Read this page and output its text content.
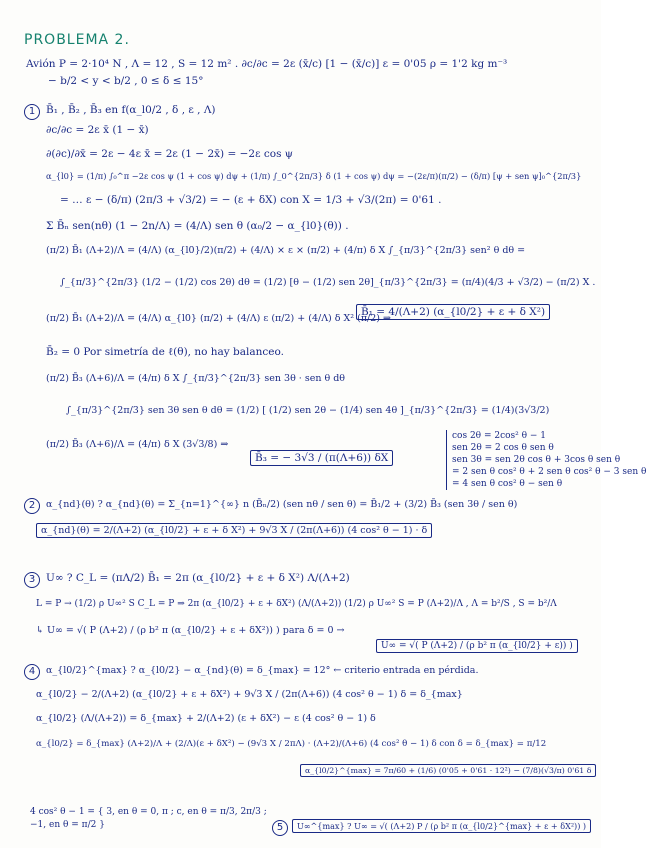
PROBLEMA 2.
Avión P = 2·10⁴ N , Λ = 12 , S = 12 m² . ∂c/∂c = 2ε (x̄/c) [1 − (x̄/c)] ε = 0'05 ρ = 1'2 kg m⁻³
− b/2 < y < b/2 , 0 ≤ δ ≤ 15°
1	B̄₁ , B̄₂ , B̄₃ en f(α_l0/2 , δ , ε , Λ)
∂c/∂c = 2ε x̄ (1 − x̄)
∂(∂c)/∂x̄ = 2ε − 4ε x̄ = 2ε (1 − 2x̄) = −2ε cos ψ
α_{l0} = (1/π) ∫₀^π −2ε cos ψ (1 + cos ψ) dψ + (1/π) ∫_0^{2π/3} δ (1 + cos ψ) dψ = −(2ε/π)(π/2) − (δ/π) [ψ + sen ψ]₀^{2π/3}
= … ε − (δ/π) (2π/3 + √3/2) = − (ε + δX) con X = 1/3 + √3/(2π) = 0'61 .
Σ B̄ₙ sen(nθ) (1 − 2n/Λ) = (4/Λ) sen θ (α₀/2 − α_{l0}(θ)) .
(π/2) B̄₁ (Λ+2)/Λ = (4/Λ) (α_{l0}/2)(π/2) + (4/Λ) × ε × (π/2) + (4/π) δ X ∫_{π/3}^{2π/3} sen² θ dθ =
∫_{π/3}^{2π/3} (1/2 − (1/2) cos 2θ) dθ = (1/2) [θ − (1/2) sen 2θ]_{π/3}^{2π/3} = (π/4)(4/3 + √3/2) − (π/2) X .
(π/2) B̄₁ (Λ+2)/Λ = (4/Λ) α_{l0} (π/2) + (4/Λ) ε (π/2) + (4/Λ) δ X² (π/2) ⇒
B̄₁ = 4/(Λ+2) (α_{l0/2} + ε + δ X²)
B̄₂ = 0 Por simetría de ℓ(θ), no hay balanceo.
(π/2) B̄₃ (Λ+6)/Λ = (4/π) δ X ∫_{π/3}^{2π/3} sen 3θ · sen θ dθ
∫_{π/3}^{2π/3} sen 3θ sen θ dθ = (1/2) [ (1/2) sen 2θ − (1/4) sen 4θ ]_{π/3}^{2π/3} = (1/4)(3√3/2)
(π/2) B̄₃ (Λ+6)/Λ = (4/π) δ X (3√3/8) ⇒
B̄₃ = − 3√3 / (π(Λ+6)) δX
cos 2θ = 2cos² θ − 1
sen 2θ = 2 cos θ sen θ
sen 3θ = sen 2θ cos θ + 3cos θ sen θ
= 2 sen θ cos² θ + 2 sen θ cos² θ − 3 sen θ
= 4 sen θ cos² θ − sen θ
2	α_{nd}(θ) ? α_{nd}(θ) = Σ_{n=1}^{∞} n (B̄ₙ/2) (sen nθ / sen θ) = B̄₁/2 + (3/2) B̄₃ (sen 3θ / sen θ)
α_{nd}(θ) = 2/(Λ+2) (α_{l0/2} + ε + δ X²) + 9√3 X / (2π(Λ+6)) (4 cos² θ − 1) · δ
3	U∞ ? C_L = (πΛ/2) B̄₁ = 2π (α_{l0/2} + ε + δ X²) Λ/(Λ+2)
L = P → (1/2) ρ U∞² S C_L = P ⇒ 2π (α_{l0/2} + ε + δX²) (Λ/(Λ+2)) (1/2) ρ U∞² S = P (Λ+2)/Λ , Λ = b²/S , S = b²/Λ
↳ U∞ = √( P (Λ+2) / (ρ b² π (α_{l0/2} + ε + δX²)) ) para δ = 0 →
U∞ = √( P (Λ+2) / (ρ b² π (α_{l0/2} + ε)) )
4	α_{l0/2}^{max} ? α_{l0/2} − α_{nd}(θ) = δ_{max} = 12° ← criterio entrada en pérdida.
α_{l0/2} − 2/(Λ+2) (α_{l0/2} + ε + δX²) + 9√3 X / (2π(Λ+6)) (4 cos² θ − 1) δ = δ_{max}
α_{l0/2} (Λ/(Λ+2)) = δ_{max} + 2/(Λ+2) (ε + δX²) − ε (4 cos² θ − 1) δ
α_{l0/2} = δ_{max} (Λ+2)/Λ + (2/Λ)(ε + δX²) − (9√3 X / 2πΛ) · (Λ+2)/(Λ+6) (4 cos² θ − 1) δ con δ = δ_{max} = π/12
α_{l0/2}^{max} = 7π/60 + (1/6) (0'05 + 0'61 · 12²) − (7/8)(√3/π) 0'61 δ
4 cos² θ − 1 = { 3, en θ = 0, π ; c, en θ = π/3, 2π/3 ; −1, en θ = π/2 }	5	U∞^{max} ? U∞ = √( (Λ+2) P / (ρ b² π (α_{l0/2}^{max} + ε + δX²)) )
